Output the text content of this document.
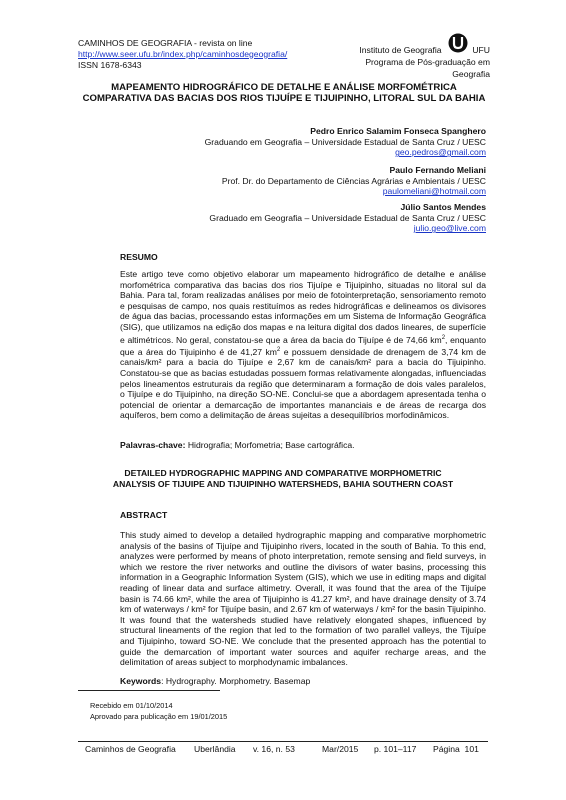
CAMINHOS DE GEOGRAFIA - revista on line
http://www.seer.ufu.br/index.php/caminhosdegeografia/
ISSN 1678-6343
Instituto de Geografia	UFU
Programa de Pós-graduação em Geografia
MAPEAMENTO HIDROGRÁFICO DE DETALHE E ANÁLISE MORFOMÉTRICA COMPARATIVA DAS BACIAS DOS RIOS TIJUÍPE E TIJUIPINHO, LITORAL SUL DA BAHIA
Pedro Enrico Salamim Fonseca Spanghero
Graduando em Geografia – Universidade Estadual de Santa Cruz / UESC
geo.pedros@gmail.com
Paulo Fernando Meliani
Prof. Dr. do Departamento de Ciências Agrárias e Ambientais / UESC
paulomeliani@hotmail.com
Júlio Santos Mendes
Graduado em Geografia – Universidade Estadual de Santa Cruz / UESC
julio.geo@live.com
RESUMO
Este artigo teve como objetivo elaborar um mapeamento hidrográfico de detalhe e análise morfométrica comparativa das bacias dos rios Tijuípe e Tijuipinho, situadas no litoral sul da Bahia. Para tal, foram realizadas análises por meio de fotointerpretação, sensoriamento remoto e pesquisas de campo, nos quais restituímos as redes hidrográficas e delineamos os divisores de água das bacias, processando estas informações em um Sistema de Informação Geográfica (SIG), que utilizamos na edição dos mapas e na leitura digital dos dados lineares, de superfície e altimétricos. No geral, constatou-se que a área da bacia do Tijuípe é de 74,66 $km^2$, enquanto que a área do Tijuipinho é de 41,27 $km^2$ e possuem densidade de drenagem de 3,74 km de canais/km² para a bacia do Tijuípe e 2,67 km de canais/km² para a bacia do Tijuipinho. Constatou-se que as bacias estudadas possuem formas relativamente alongadas, influenciadas pelos lineamentos estruturais da região que determinaram a formação de dois vales paralelos, o Tijuípe e do Tijuipinho, na direção SO-NE. Conclui-se que a abordagem apresentada tenha o potencial de orientar a demarcação de importantes mananciais e de áreas de recarga dos aquíferos, bem como a delimitação de áreas sujeitas a desequilíbrios morfodinâmicos.
Palavras-chave: Hidrografia; Morfometria; Base cartográfica.
DETAILED HYDROGRAPHIC MAPPING AND COMPARATIVE MORPHOMETRIC ANALYSIS OF TIJUIPE AND TIJUIPINHO WATERSHEDS, BAHIA SOUTHERN COAST
ABSTRACT
This study aimed to develop a detailed hydrographic mapping and comparative morphometric analysis of the basins of Tijuípe and Tijuipinho rivers, located in the south of Bahia. To this end, analyzes were performed by means of photo interpretation, remote sensing and field surveys, in which we restore the river networks and outline the divisors of water basins, processing this information in a Geographic Information System (GIS), which we use in editing maps and digital reading of linear data and surface altimetry. Overall, it was found that the area of the Tijuípe basin is 74.66 km², while the area of Tijuipinho is 41.27 km², and have drainage density of 3.74 km of waterways / km² for Tijuípe basin, and 2.67 km of waterways / km² for the basin Tijuipinho. It was found that the watersheds studied have relatively elongated shapes, influenced by structural lineaments of the region that led to the formation of two parallel valleys, the Tijuípe and Tijuipinho, toward SO-NE. We conclude that the presented approach has the potential to guide the demarcation of important water sources and aquifer recharge areas, and the delimitation of areas subject to morphodynamic imbalances.
Keywords: Hydrography. Morphometry. Basemap
Recebido em 01/10/2014
Aprovado para publicação em 19/01/2015
Caminhos de Geografia Uberlândia v. 16, n. 53	Mar/2015 p. 101–117 Página  101
